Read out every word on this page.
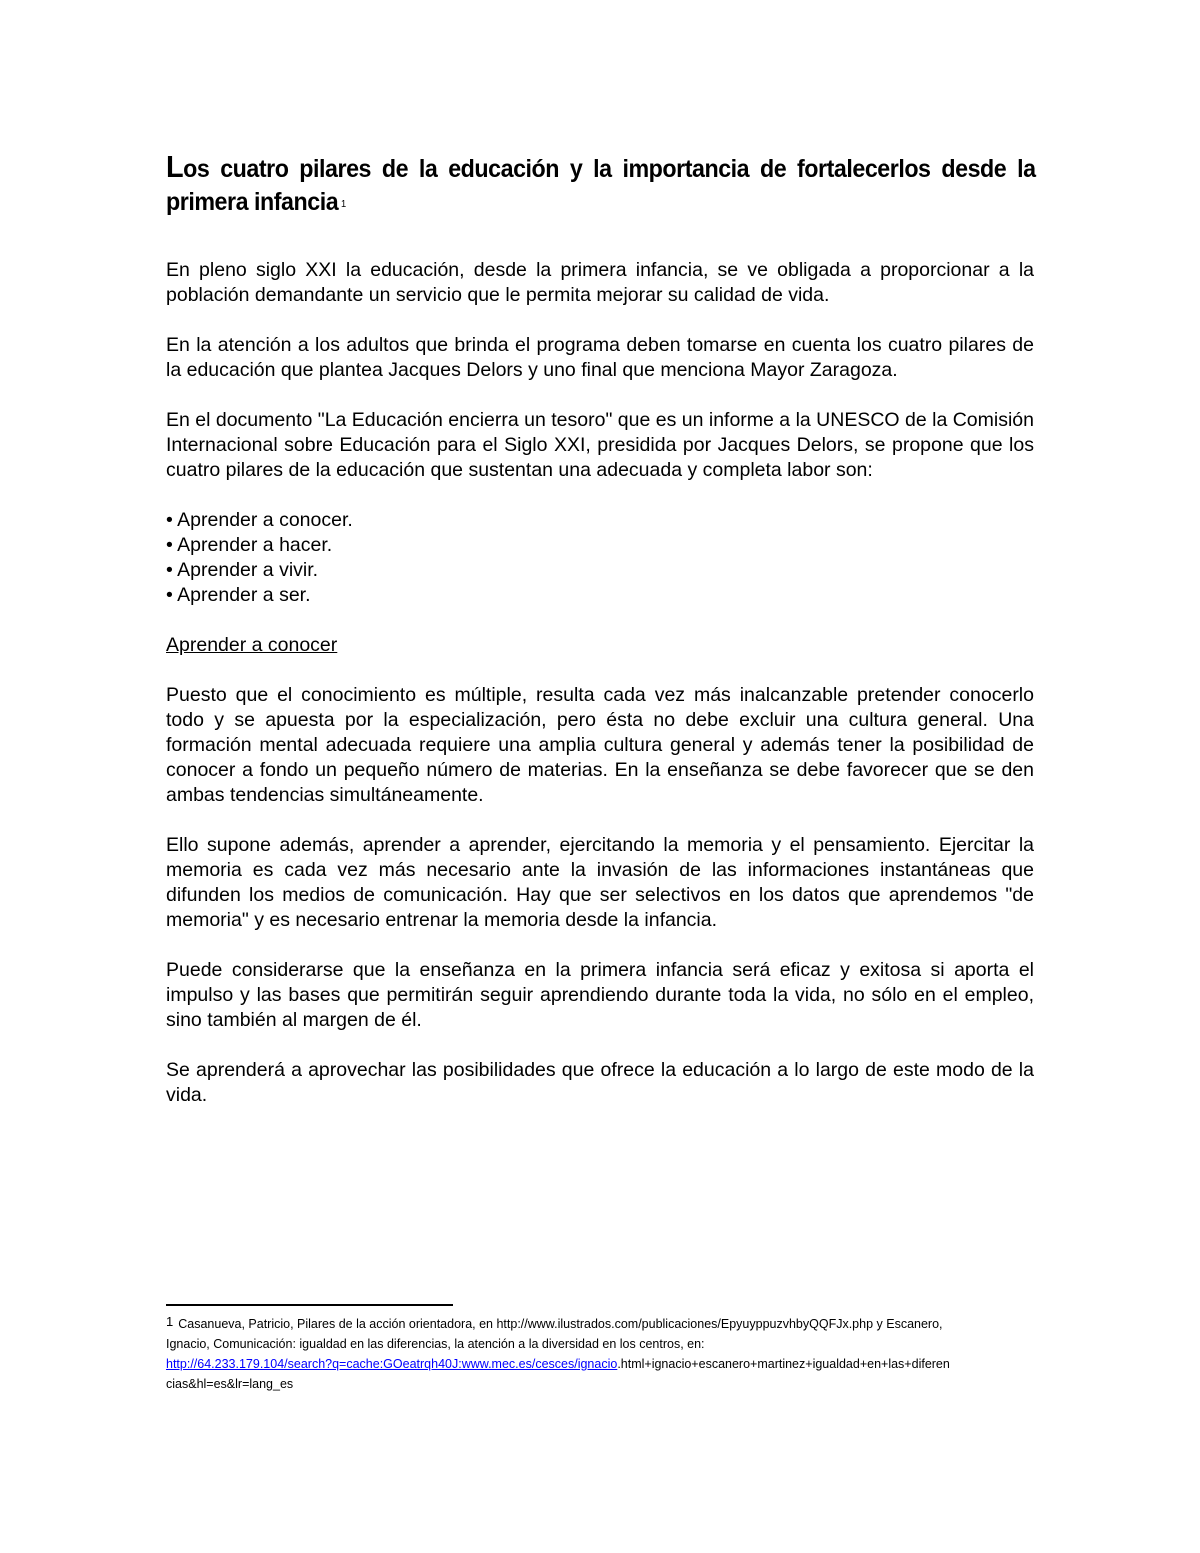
Los cuatro pilares de la educación y la importancia de fortalecerlos desde la primera infancia $^1$

En pleno siglo XXI la educación, desde la primera infancia, se ve obligada a proporcionar a la población demandante un servicio que le permita mejorar su calidad de vida.

En la atención a los adultos que brinda el programa deben tomarse en cuenta los cuatro pilares de la educación que plantea Jacques Delors y uno final que menciona Mayor Zaragoza.

En el documento "La Educación encierra un tesoro" que es un informe a la UNESCO de la Comisión Internacional sobre Educación para el Siglo XXI, presidida por Jacques Delors, se propone que los cuatro pilares de la educación que sustentan una adecuada y completa labor son:

• Aprender a conocer.
• Aprender a hacer.
• Aprender a vivir.
• Aprender a ser.

Aprender a conocer

Puesto que el conocimiento es múltiple, resulta cada vez más inalcanzable pretender conocerlo todo y se apuesta por la especialización, pero ésta no debe excluir una cultura general. Una formación mental adecuada requiere una amplia cultura general y además tener la posibilidad de conocer a fondo un pequeño número de materias. En la enseñanza se debe favorecer que se den ambas tendencias simultáneamente.

Ello supone además, aprender a aprender, ejercitando la memoria y el pensamiento. Ejercitar la memoria es cada vez más necesario ante la invasión de las informaciones instantáneas que difunden los medios de comunicación. Hay que ser selectivos en los datos que aprendemos "de memoria" y es necesario entrenar la memoria desde la infancia.

Puede considerarse que la enseñanza en la primera infancia será eficaz y exitosa si aporta el impulso y las bases que permitirán seguir aprendiendo durante toda la vida, no sólo en el empleo, sino también al margen de él.

Se aprenderá a aprovechar las posibilidades que ofrece la educación a lo largo de este modo de la vida.

1 Casanueva, Patricio, Pilares de la acción orientadora, en http://www.ilustrados.com/publicaciones/EpyuyppuzvhbyQQFJx.php y Escanero,
Ignacio, Comunicación: igualdad en las diferencias, la atención a la diversidad en los centros, en:
http://64.233.179.104/search?q=cache:GOeatrqh40J:www.mec.es/cesces/ignacio.html+ignacio+escanero+martinez+igualdad+en+las+diferen
cias&hl=es&lr=lang_es
